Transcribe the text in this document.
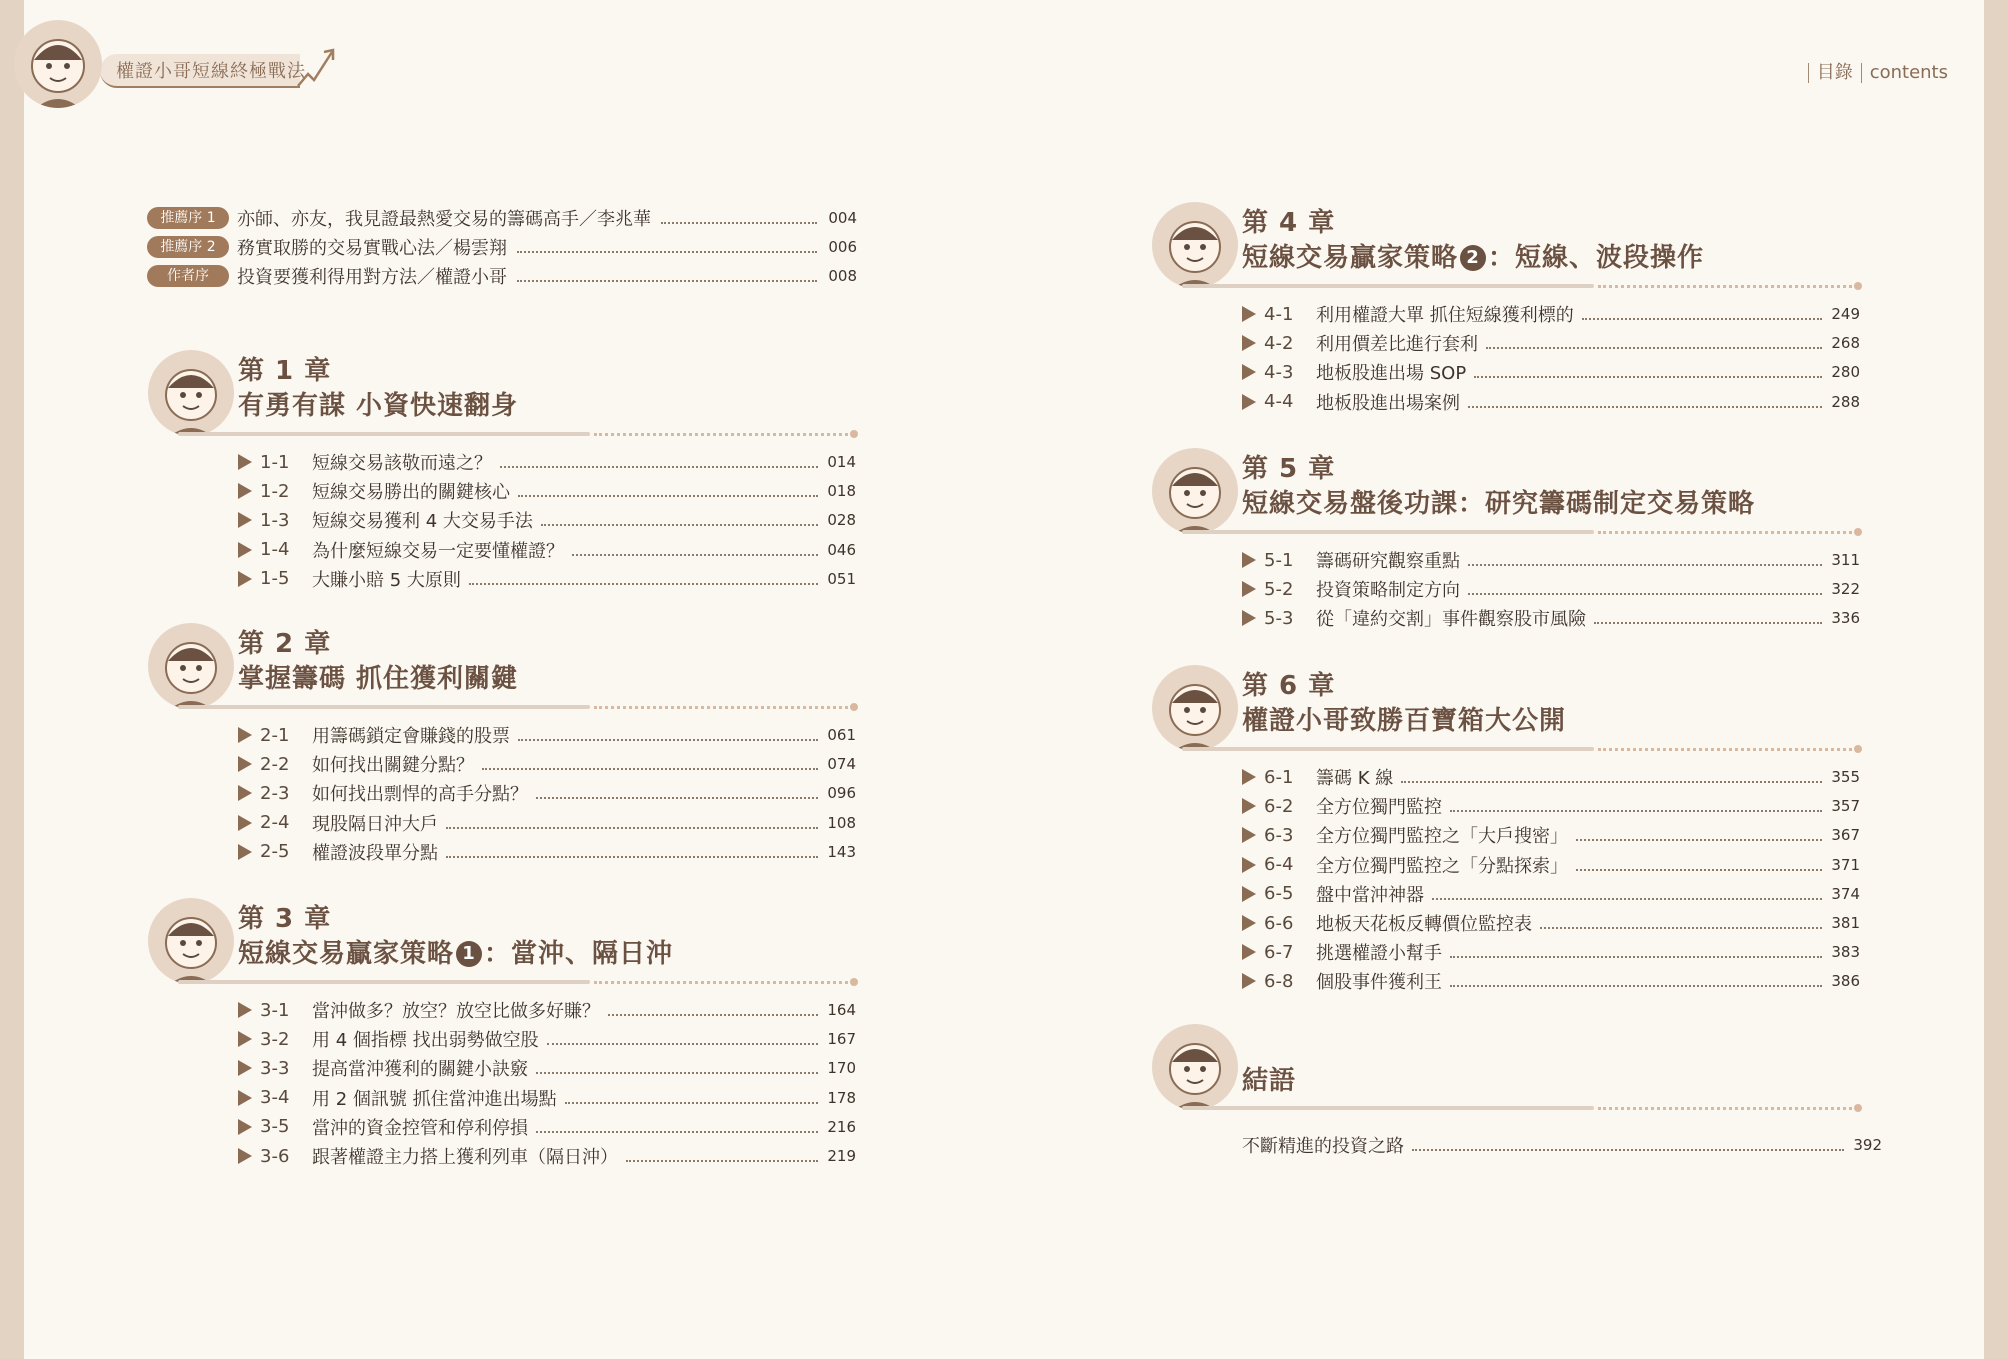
權證小哥短線終極戰法	目錄 contents
推薦序 1	亦師、亦友，我見證最熱愛交易的籌碼高手／李兆華	004
推薦序 2	務實取勝的交易實戰心法／楊雲翔	006
作者序	投資要獲利得用對方法／權證小哥	008
第 1 章
有勇有謀 小資快速翻身
1-1	短線交易該敬而遠之？	014
1-2	短線交易勝出的關鍵核心	018
1-3	短線交易獲利 4 大交易手法	028
1-4	為什麼短線交易一定要懂權證？	046
1-5	大賺小賠 5 大原則	051
第 2 章
掌握籌碼 抓住獲利關鍵
2-1	用籌碼鎖定會賺錢的股票	061
2-2	如何找出關鍵分點？	074
2-3	如何找出剽悍的高手分點？	096
2-4	現股隔日沖大戶	108
2-5	權證波段單分點	143
第 3 章
短線交易贏家策略 1 ：當沖、隔日沖
3-1	當沖做多？放空？放空比做多好賺？	164
3-2	用 4 個指標 找出弱勢做空股	167
3-3	提高當沖獲利的關鍵小訣竅	170
3-4	用 2 個訊號 抓住當沖進出場點	178
3-5	當沖的資金控管和停利停損	216
3-6	跟著權證主力搭上獲利列車（隔日沖）	219
第 4 章
短線交易贏家策略 2 ：短線、波段操作
4-1	利用權證大單 抓住短線獲利標的	249
4-2	利用價差比進行套利	268
4-3	地板股進出場 SOP	280
4-4	地板股進出場案例	288
第 5 章
短線交易盤後功課：研究籌碼制定交易策略
5-1	籌碼研究觀察重點	311
5-2	投資策略制定方向	322
5-3	從「違約交割」事件觀察股市風險	336
第 6 章
權證小哥致勝百寶箱大公開
6-1	籌碼 K 線	355
6-2	全方位獨門監控	357
6-3	全方位獨門監控之「大戶搜密」	367
6-4	全方位獨門監控之「分點探索」	371
6-5	盤中當沖神器	374
6-6	地板天花板反轉價位監控表	381
6-7	挑選權證小幫手	383
6-8	個股事件獲利王	386
結語
不斷精進的投資之路	392
